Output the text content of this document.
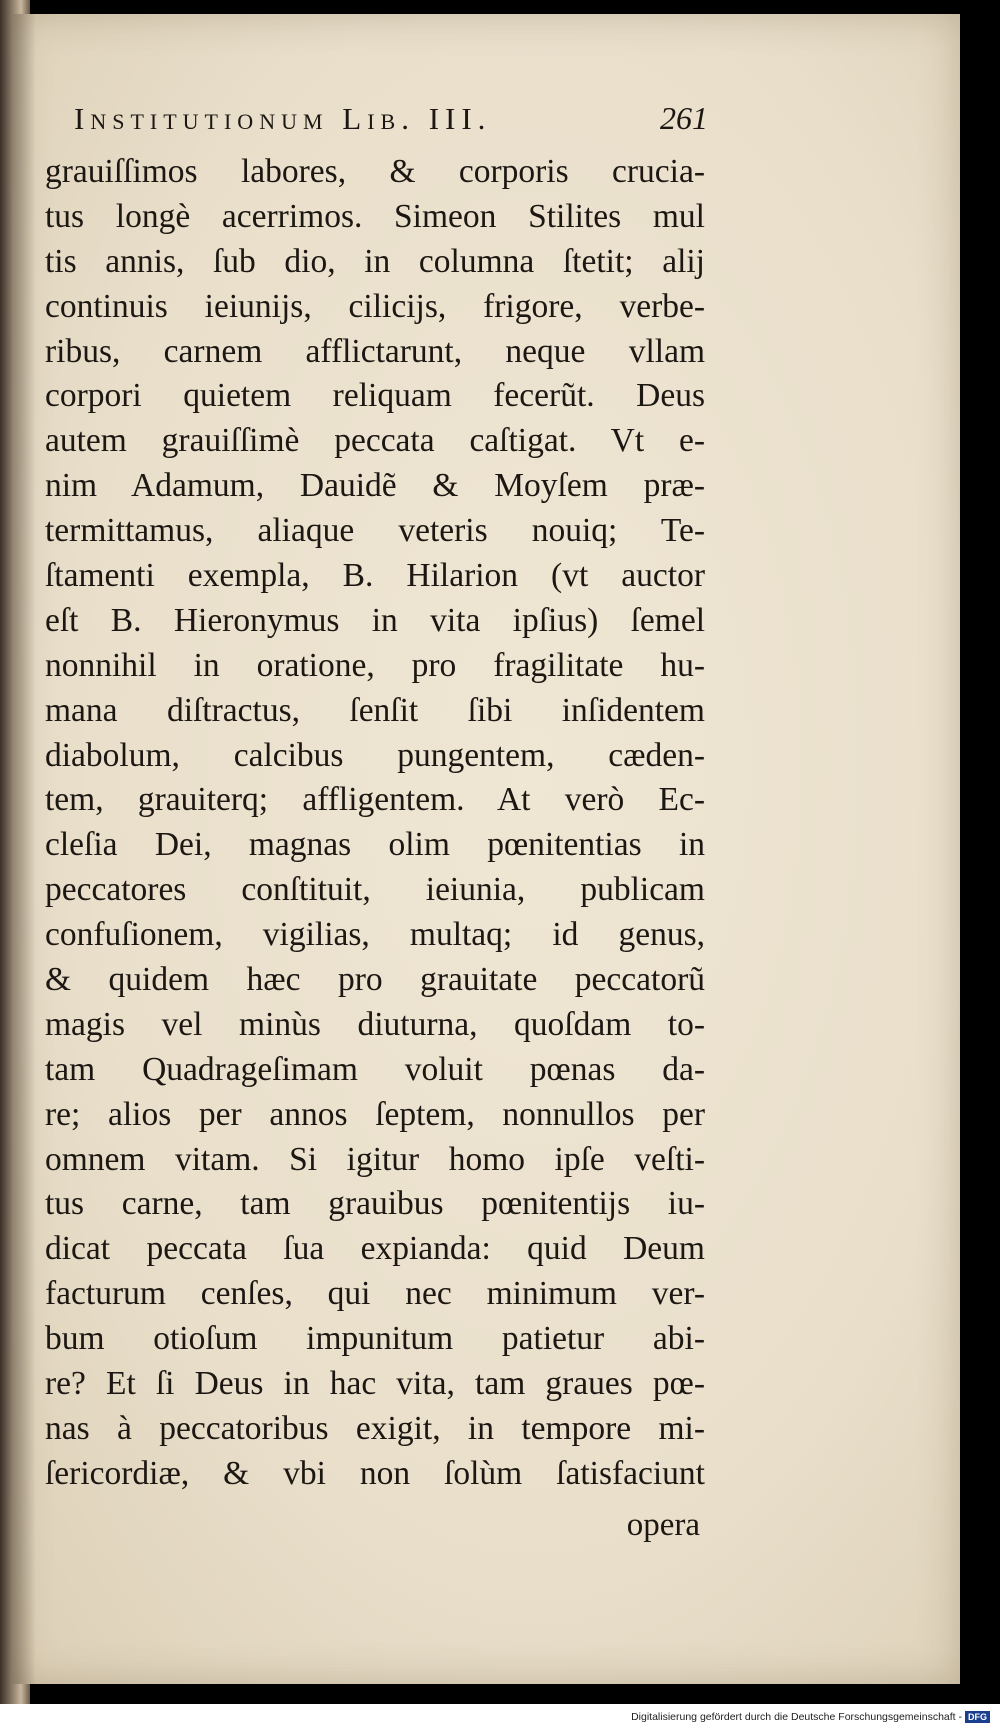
Institutionum Lib. III.	261
grauiſſimos labores, & corporis crucia-
tus longè acerrimos. Simeon Stilites mul
tis annis, ſub dio, in columna ſtetit; alij
continuis ieiunijs, cilicijs, frigore, verbe-
ribus, carnem afflictarunt, neque vllam
corpori quietem reliquam fecerũt. Deus
autem grauiſſimè peccata caſtigat. Vt e-
nim Adamum, Dauidẽ & Moyſem præ-
termittamus, aliaque veteris nouiq; Te-
ſtamenti exempla, B. Hilarion (vt auctor
eſt B. Hieronymus in vita ipſius) ſemel
nonnihil in oratione, pro fragilitate hu-
mana diſtractus, ſenſit ſibi inſidentem
diabolum, calcibus pungentem, cæden-
tem, grauiterq; affligentem. At verò Ec-
cleſia Dei, magnas olim pœnitentias in
peccatores conſtituit, ieiunia, publicam
confuſionem, vigilias, multaq; id genus,
& quidem hæc pro grauitate peccatorũ
magis vel minùs diuturna, quoſdam to-
tam Quadrageſimam voluit pœnas da-
re; alios per annos ſeptem, nonnullos per
omnem vitam. Si igitur homo ipſe veſti-
tus carne, tam grauibus pœnitentijs iu-
dicat peccata ſua expianda: quid Deum
facturum cenſes, qui nec minimum ver-
bum otioſum impunitum patietur abi-
re? Et ſi Deus in hac vita, tam graues pœ-
nas à peccatoribus exigit, in tempore mi-
ſericordiæ, & vbi non ſolùm ſatisfaciunt
opera
Digitalisierung gefördert durch die Deutsche Forschungsgemeinschaft - DFG
